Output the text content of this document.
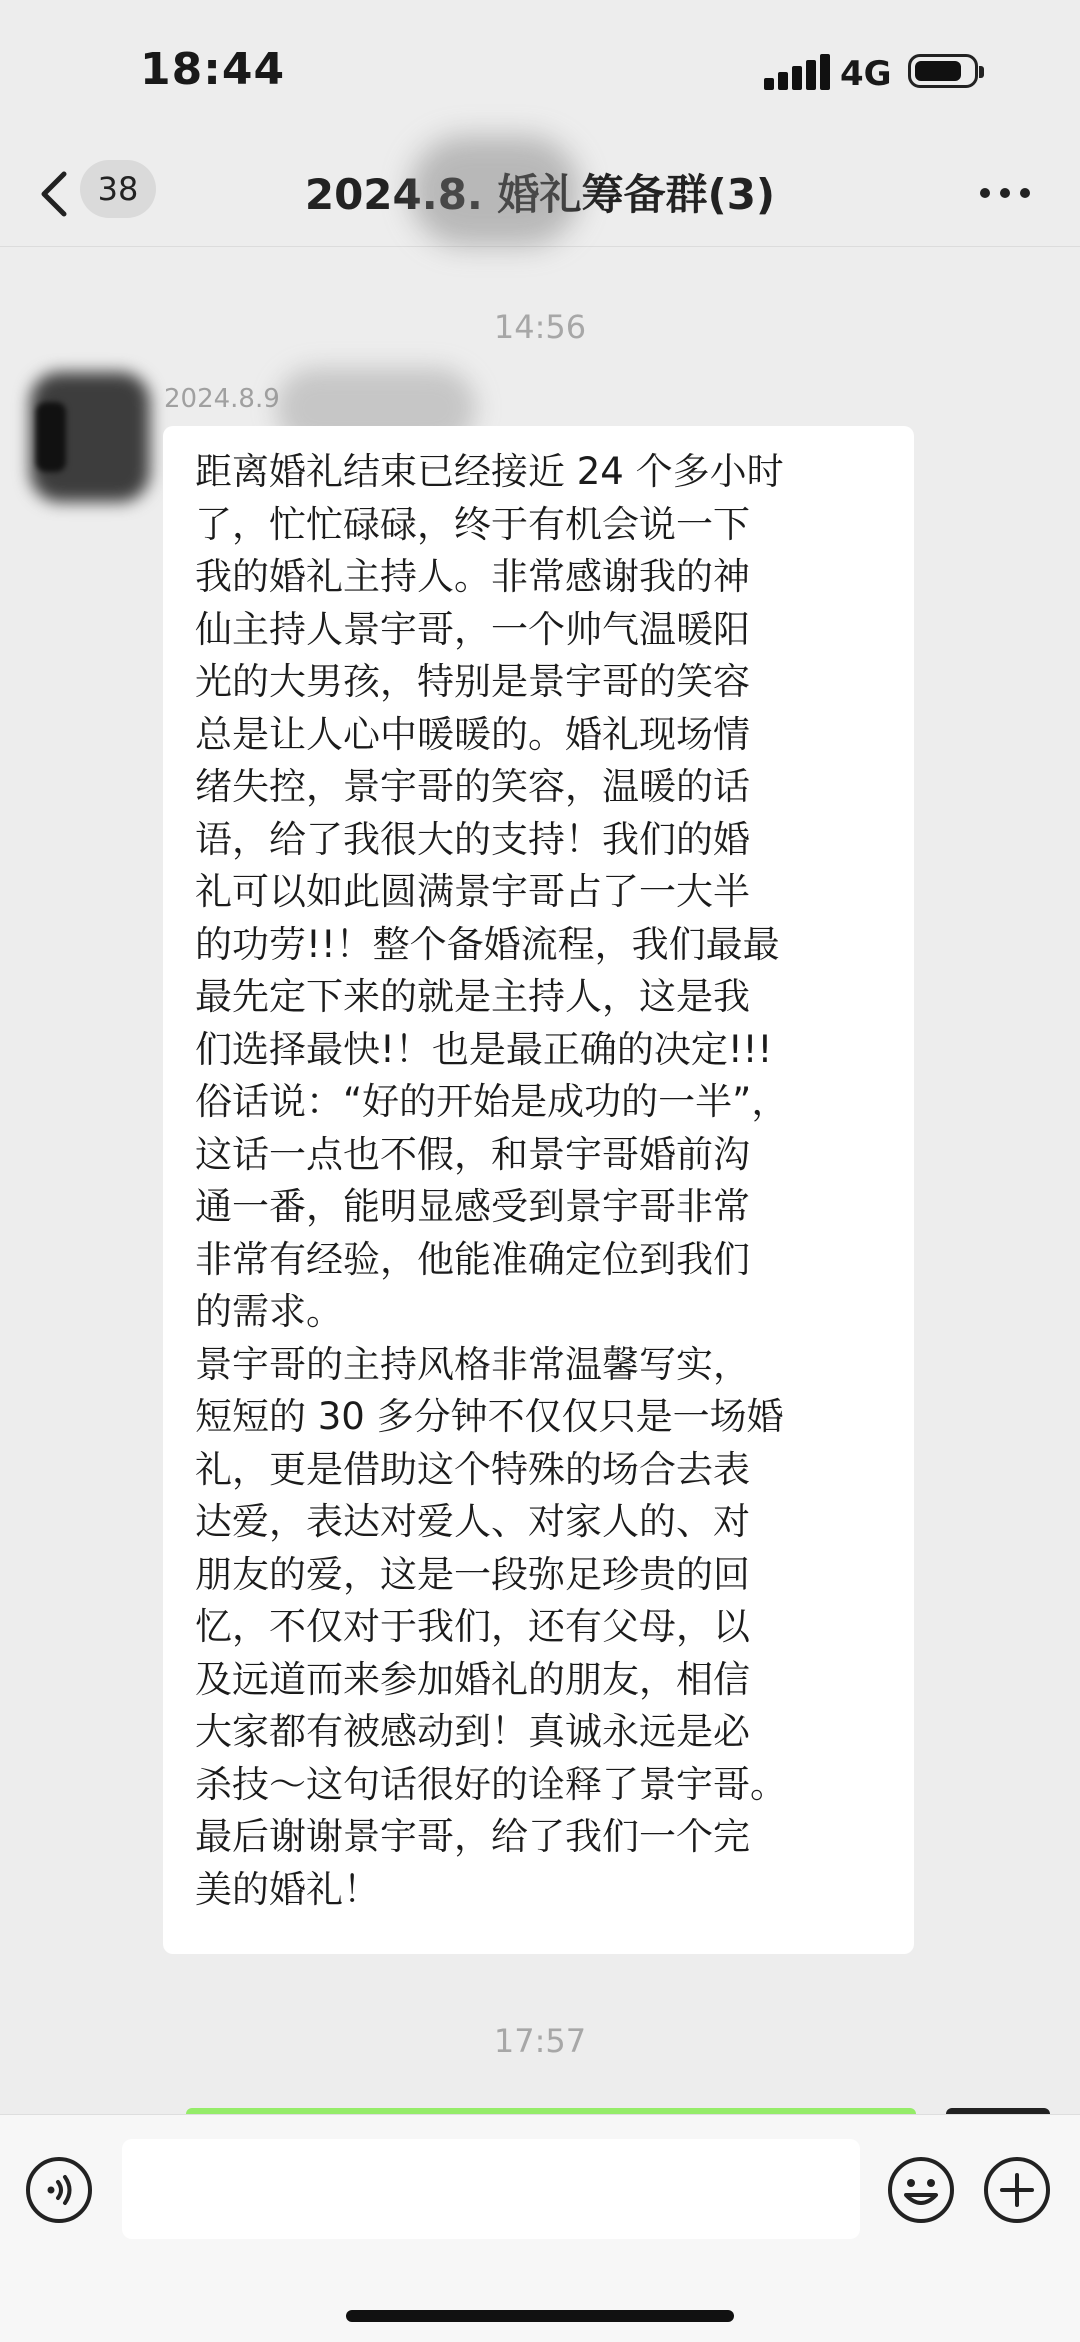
18:44	4G
38	2024.8. 婚礼筹备群(3)
14:56
2024.8.9

距离婚礼结束已经接近 24 个多小时
了，忙忙碌碌，终于有机会说一下
我的婚礼主持人。非常感谢我的神
仙主持人景宇哥，一个帅气温暖阳
光的大男孩，特别是景宇哥的笑容
总是让人心中暖暖的。婚礼现场情
绪失控，景宇哥的笑容，温暖的话
语，给了我很大的支持！我们的婚
礼可以如此圆满景宇哥占了一大半
的功劳!!！整个备婚流程，我们最最
最先定下来的就是主持人，这是我
们选择最快!！也是最正确的决定!!!
俗话说：“好的开始是成功的一半”，
这话一点也不假，和景宇哥婚前沟
通一番，能明显感受到景宇哥非常
非常有经验，他能准确定位到我们
的需求。
景宇哥的主持风格非常温馨写实，
短短的 30 多分钟不仅仅只是一场婚
礼，更是借助这个特殊的场合去表
达爱，表达对爱人、对家人的、对
朋友的爱，这是一段弥足珍贵的回
忆，不仅对于我们，还有父母，以
及远道而来参加婚礼的朋友，相信
大家都有被感动到！真诚永远是必
杀技～这句话很好的诠释了景宇哥。
最后谢谢景宇哥，给了我们一个完
美的婚礼！

17:57
